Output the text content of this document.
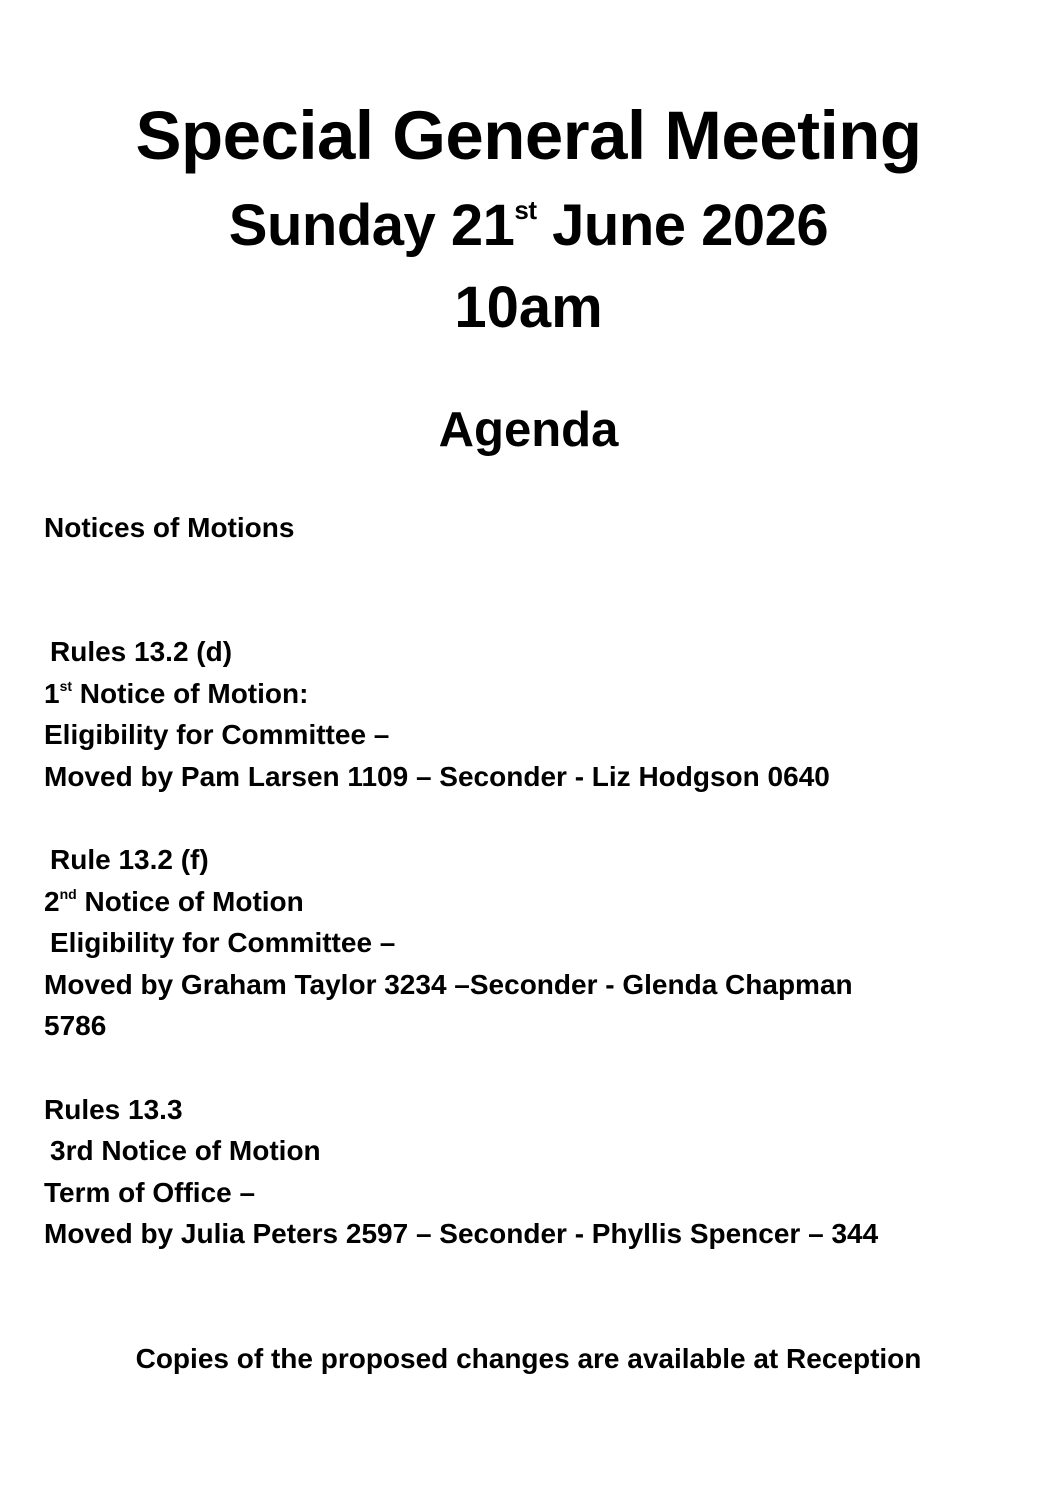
Special General Meeting
Sunday 21st June 2026
10am
Agenda
Notices of Motions
Rules 13.2 (d)
1st Notice of Motion:
Eligibility for Committee –
Moved by Pam Larsen 1109 – Seconder - Liz Hodgson 0640
Rule 13.2 (f)
2nd Notice of Motion
Eligibility for Committee –
Moved by Graham Taylor 3234 –Seconder - Glenda Chapman
5786
Rules 13.3
3rd Notice of Motion
Term of Office –
Moved by Julia Peters 2597 – Seconder - Phyllis Spencer – 344
Copies of the proposed changes are available at Reception
